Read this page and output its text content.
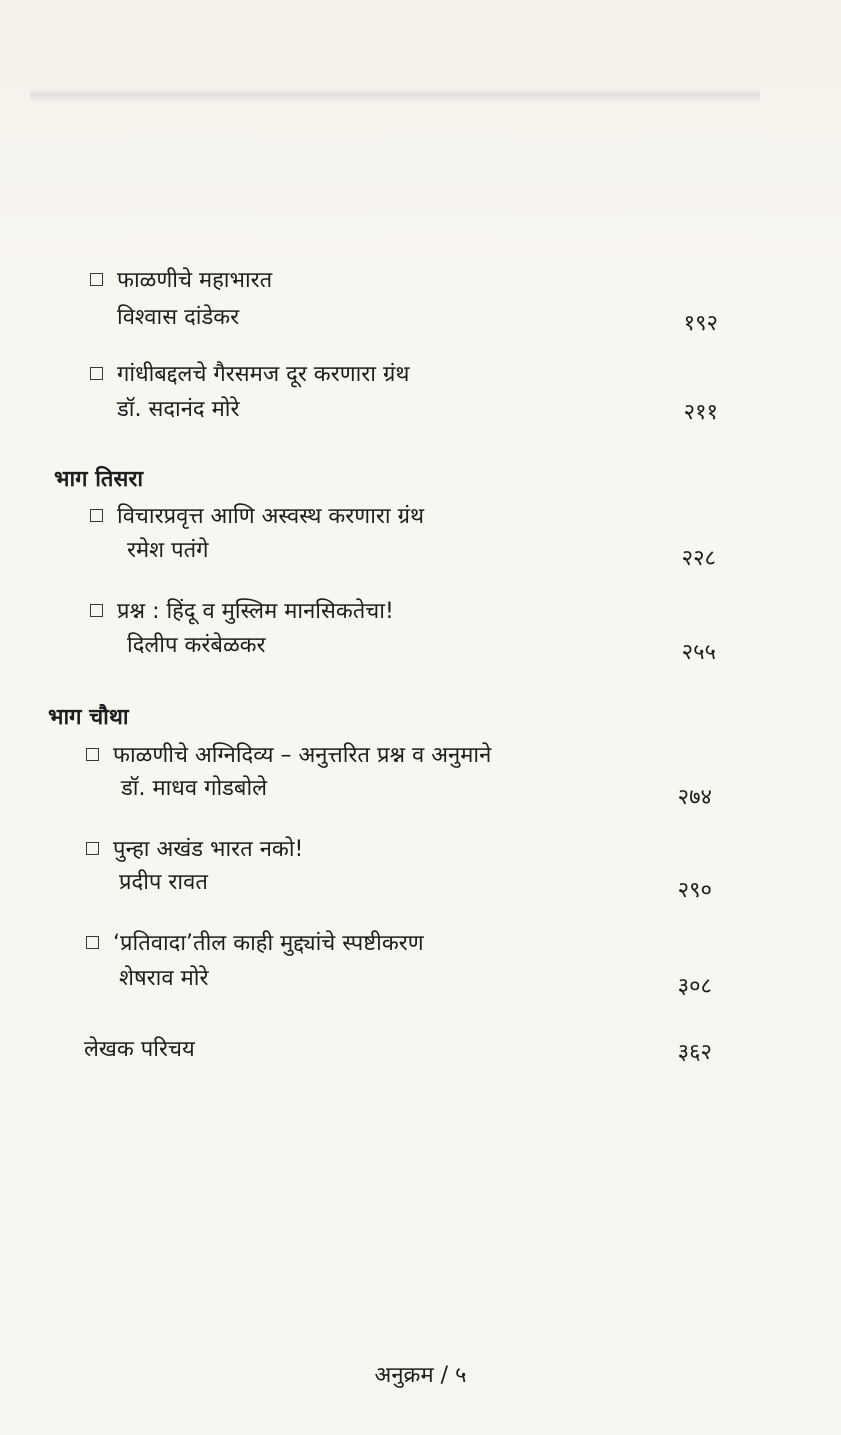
फाळणीचे महाभारत
विश्वास दांडेकर	१९२
गांधीबद्दलचे गैरसमज दूर करणारा ग्रंथ
डॉ. सदानंद मोरे	२११
भाग तिसरा
विचारप्रवृत्त आणि अस्वस्थ करणारा ग्रंथ
रमेश पतंगे	२२८
प्रश्न : हिंदू व मुस्लिम मानसिकतेचा!
दिलीप करंबेळकर	२५५
भाग चौथा
फाळणीचे अग्निदिव्य – अनुत्तरित प्रश्न व अनुमाने
डॉ. माधव गोडबोले	२७४
पुन्हा अखंड भारत नको!
प्रदीप रावत	२९०
‘प्रतिवादा’तील काही मुद्द्यांचे स्पष्टीकरण
शेषराव मोरे	३०८
लेखक परिचय	३६२
अनुक्रम / ५
